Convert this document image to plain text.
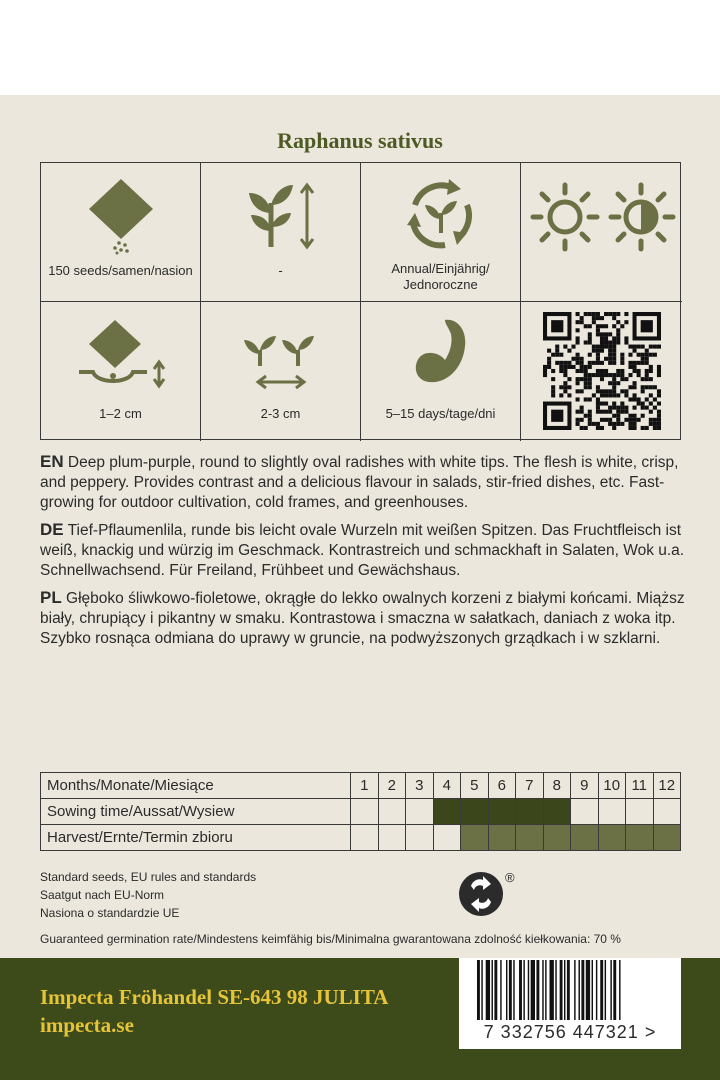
Raphanus sativus
150 seeds/samen/nasion	-	Annual/Einjährig/ Jednoroczne
1–2 cm	2-3 cm	5–15 days/tage/dni

EN Deep plum-purple, round to slightly oval radishes with white tips. The flesh is white, crisp, and peppery. Provides contrast and a delicious flavour in salads, stir-fried dishes, etc. Fast-growing for outdoor cultivation, cold frames, and greenhouses.

DE Tief-Pflaumenlila, runde bis leicht ovale Wurzeln mit weißen Spitzen. Das Fruchtfleisch ist weiß, knackig und würzig im Geschmack. Kontrastreich und schmackhaft in Salaten, Wok u.a. Schnellwachsend. Für Freiland, Frühbeet und Gewächshaus.

PL Głęboko śliwkowo-fioletowe, okrągłe do lekko owalnych korzeni z białymi końcami. Miąższ biały, chrupiący i pikantny w smaku. Kontrastowa i smaczna w sałatkach, daniach z woka itp. Szybko rosnąca odmiana do uprawy w gruncie, na podwyższonych grządkach i w szklarni.

Months/Monate/Miesiące	1	2	3	4	5	6	7	8	9	10	11	12
Sowing time/Aussat/Wysiew												
Harvest/Ernte/Termin zbioru												
Standard seeds, EU rules and standards
Saatgut nach EU-Norm
Nasiona o standardzie UE
®
Guaranteed germination rate/Mindestens keimfähig bis/Minimalna gwarantowana zdolność kiełkowania: 70 %
Impecta Fröhandel SE-643 98 JULITA
impecta.se	7 332756 447321 >
